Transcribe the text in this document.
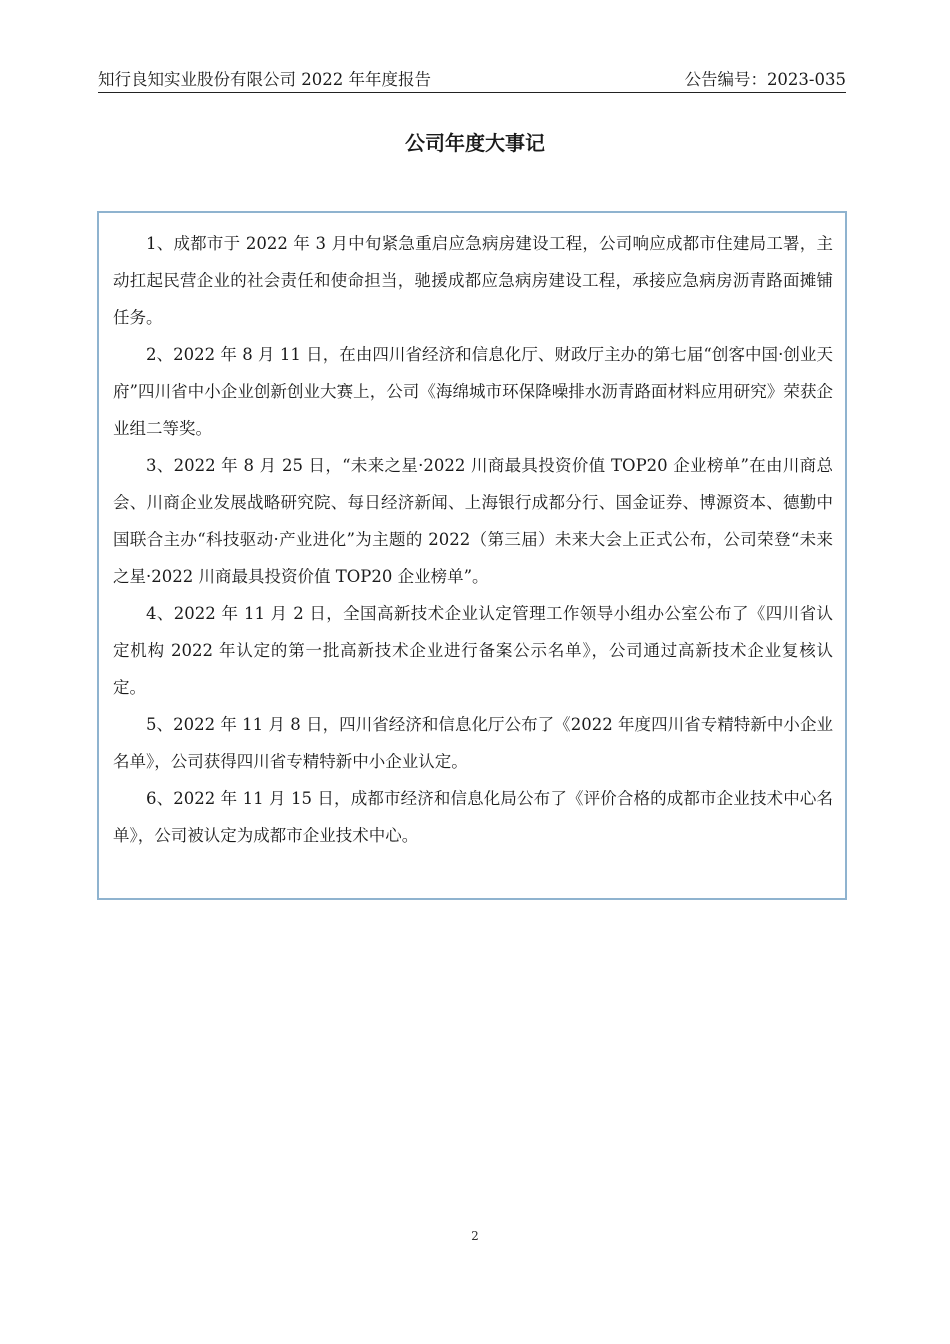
知行良知实业股份有限公司 2022 年年度报告	公告编号：2023-035
公司年度大事记

1、成都市于 2022 年 3 月中旬紧急重启应急病房建设工程，公司响应成都市住建局工署，主动扛起民营企业的社会责任和使命担当，驰援成都应急病房建设工程，承接应急病房沥青路面摊铺任务。

2、2022 年 8 月 11 日，在由四川省经济和信息化厅、财政厅主办的第七届“创客中国·创业天府”四川省中小企业创新创业大赛上，公司《海绵城市环保降噪排水沥青路面材料应用研究》荣获企业组二等奖。

3、2022 年 8 月 25 日，“未来之星·2022 川商最具投资价值 TOP20 企业榜单”在由川商总会、川商企业发展战略研究院、每日经济新闻、上海银行成都分行、国金证券、博源资本、德勤中国联合主办“科技驱动·产业进化”为主题的 2022（第三届）未来大会上正式公布，公司荣登“未来之星·2022 川商最具投资价值 TOP20 企业榜单”。

4、2022 年 11 月 2 日，全国高新技术企业认定管理工作领导小组办公室公布了《四川省认定机构 2022 年认定的第一批高新技术企业进行备案公示名单》，公司通过高新技术企业复核认定。

5、2022 年 11 月 8 日，四川省经济和信息化厅公布了《2022 年度四川省专精特新中小企业名单》，公司获得四川省专精特新中小企业认定。

6、2022 年 11 月 15 日，成都市经济和信息化局公布了《评价合格的成都市企业技术中心名单》，公司被认定为成都市企业技术中心。

2
